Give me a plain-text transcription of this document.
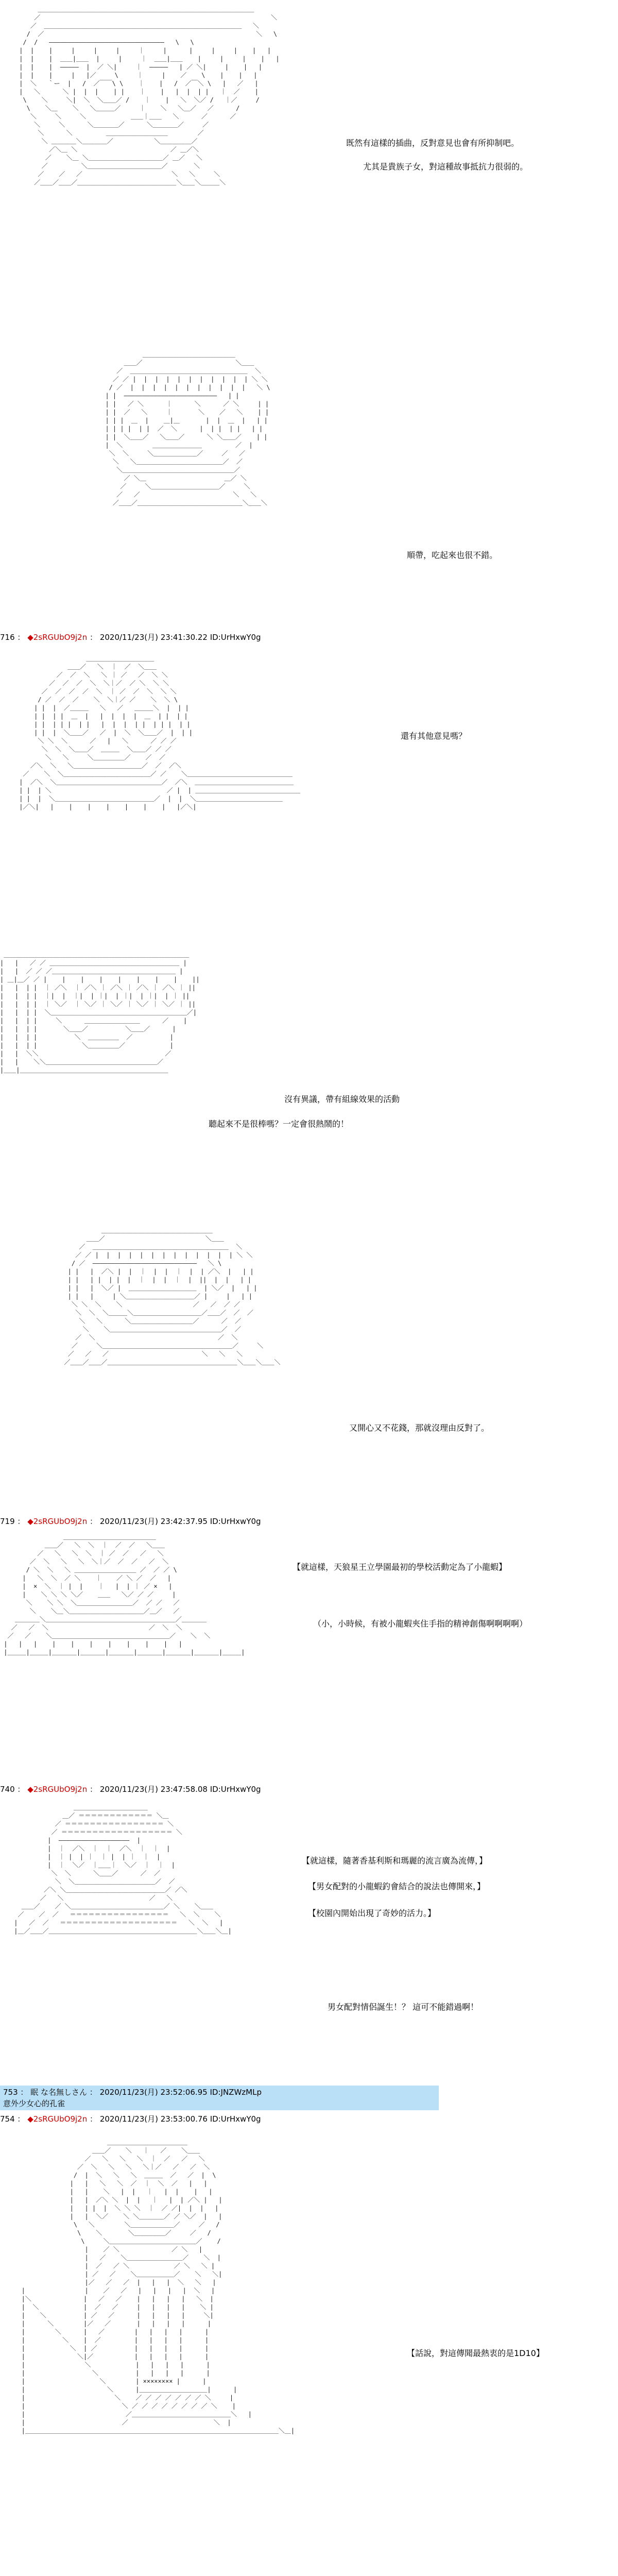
＿＿＿＿＿＿＿＿＿＿＿＿＿＿＿＿＿＿＿＿＿＿＿＿＿＿＿＿＿＿＿＿＿＿＿
／                                                              ＼
／  ＿＿＿＿＿＿＿＿＿＿＿＿＿＿＿＿＿＿＿＿＿＿＿＿＿＿＿＿＿＿＿＿   ＼
/  ／                                                         ＼   \
/  /   ―――――――――――――――――――――――――――――――   \   \
|  |    |     |     |     |     ｜     |      |     |     |    |   |
|  |    |  ＿＿|＿＿  |     |     ｜  ＿＿|＿＿    |     |     |    |   |
|  |    |  ―――――  |  ／ ＼|     ｜  ―――――   | ／ ＼|     |    |   |
|  |    |     |   |／     \     ｜     |    ／    \    |    |   |
|  ＼   ｀ー  |   /  ／￣￣\ \    ｜    |   /  ／￣＼ \   |   ／   |
|   ＼      ＼ |  |  |    | |    ｜    |   |  |  | |   ｜  ／    |
\    ＼     ＼|  ＼  ＼＿＿／ /    ｜    |   ＼  ＼／ /   ｜／     /
\    ＼＿    ＼   ＼＿＿＿／     ｜    ＼   ＼＿／   ／      /
＼     ＼     ＼            ＿＿｜＿＿   ＼      ／      ／
＼     ＼      ＼＿＿＿＿／      ＼＿＿＿＿／     ／
＼      ＼         ＿＿＿＿＿＿＿＿＿＿        ／
＼ ＿＿＿＿＼＿＿＿＿／           ＼＿＿＿＿＿／
／＼＿ ＼                         ／ ＿／＼
／    ＼＿ ＼＿＿＿＿＿＿＿＿＿＿＿＿／ ＿／   ＼
／         ＼＿＿＿＿＿＿＿＿＿＿＿＿／       ＼
／    ／   ／                        ＼   ＼     ＼
／＿＿／＿＿／＿＿＿＿＿＿＿＿＿＿＿＿＿＿＿＿＼＿＿＼＿＿＿＼

既然有這樣的插曲，反對意見也會有所抑制吧。
尤其是貴族子女，對這種故事抵抗力很弱的。
＿＿＿＿＿＿＿＿＿＿＿＿＿＿＿
＿＿／                         ＼＿＿
／  ＿＿＿＿＿＿＿＿＿＿＿＿＿＿＿＿＿＿＿  ＼
／ ／ |  |  |  |  |  |  |  |  |  |  | ＼ ＼
/ ／  |  |  |  |  |  |  |  |  |  |  |   ＼ \
| |  ―――――――――――――――――――――――――   | |
| |   ／ ＼      ｜      ＼      ／ ＼     | |
| |  ／   ＼     ｜       ＼    ／   ＼    | |
| | |  ＿  |    ＿|＿       |  |  ＿  |   | |
| | | |  | |  ／  ＼      |  | |  | |   | |
| |  ＼＿＿／   ＼＿＿／      ＼ ＼＿＿／    | |
|  ＼        ＿＿＿＿＿＿＿＿         ／  |
＼  ＼     ＼＿＿＿＿＿＿＿／     ／   ／
＼   ＼＿＿＿＿＿＿＿＿＿＿＿＿＿＿／  ／
＼＿＿＿＿＿＿＿＿＿＿＿＿＿＿＿＿＿＿／
／ ＼＿                     ＿／ ＼
／     ＼＿＿＿＿＿＿＿＿＿＿＿／     ＼
／   ／                         ＼   ＼
／＿＿／＿＿＿＿＿＿＿＿＿＿＿＿＿＿＿＿＿＼＿＿＼

順帶，吃起來也很不錯。
716 ： ◆2sRGUbO9j2n ： 2020/11/23(月) 23:41:30.22 ID:UrHxwY0g
＿＿＿＿＿＿＿＿＿＿＿
＿＿／   ＼  ｜  ／  ＼＿＿
／  ／  ＼   ＼ ｜ ／   ／  ＼ ＼
／  ／  ／  ＼  ＼｜／  ／ ＼  ＼ ＼
／  ／  ／  ／  ＼  ｜ ／  ／  ＼  ＼ ＼
/ ／  ／  ／    ＼  ＼｜／ ／    ＼  ＼ \
| |  |  ／＿＿＿   ＼   ／   ＿＿＿＼  |  | |
| |  | |  ＿  |   |  |  |  |  ＿  | |  | |
| |  | | |  | |   |  |  |  | |  | | |  | |
| |  |  ＼＿＿／   ／  |  ＼  ＼＿＿／  |  | |
＼ ＼  ＼      ／   |   ＼      ／ ／ ／
＼  ＼  ＼＿＿／  ＿＿＿  ＼＿＿／ ／ ／
＼   ＼     ＼＿＿＿＿＿／    ／  ／
／＼  ＼   ＼＿＿＿＿＿＿＿＿＿＿＿／  ／  ／＼
／    ＼  ＼＿＿＿＿＿＿＿＿＿＿＿＿＿＿／ ／    ＼＿＿＿＿＿＿＿＿＿＿＿＿＿＿＿＿＿
|  ／＼  ＼＿＿＿＿＿＿＿＿＿＿＿＿＿＿＿＿＿／  ／＼  ＿＿＿＿＿＿＿＿＿＿＿＿＿＿＿＿
| |  | ＼                               ／ |  | ＿＿＿＿＿＿＿＿＿＿＿＿＿＿＿＿＿
| |  |  ＼＿＿＿＿＿＿＿＿＿＿＿＿＿＿＿＿／  |  |  ＼＿＿＿＿＿＿＿＿＿＿＿＿＿＿
|／＼|   |    |    |    |    |    |    |   |／＼|

還有其他意見嗎？
＿＿＿＿＿＿＿＿＿＿＿＿＿＿＿＿＿＿＿＿＿＿＿＿＿＿＿＿＿＿
|   |   ／ ／ ＿＿＿＿＿＿＿＿＿＿＿＿＿＿＿＿＿＿＿＿＿ |
|   |  ／ ／ ／＿＿＿＿＿＿＿＿＿＿＿＿＿＿＿＿＿＿＿＿ |
| ＿|＿／ ／ |    |    |    |    |    |    |    |    ||
|   |  | |  ｜ ／＼  ｜ ／＼ ｜ ／＼ ｜ ／＼ ｜ ／＼ ｜ ||
|   |  | |  ｜|  |  ｜|  | ｜|  | ｜|  | ｜|  | ｜ ||
|   |  | |  ｜ ＼／  ｜ ＼／ ｜ ＼／ ｜ ＼／ ｜ ＼／ ｜ ||
|   |  | |  ＼＿＿＿＿＿＿＿＿＿＿＿＿＿＿＿＿＿＿＿＿＿＿／|
|   |  | |     ＼      ＿＿＿＿＿＿＿＿＿      ／    |
|   |  | |       ＼＿＿／          ＼＿＿／      |
|   |  | |          ＼  ＿＿＿＿＿  ／          |
|   |  | |            ＼＿＿＿＿＿／            |
|   |  ＼＼                                  ／
|   |    ＼＼＿＿＿＿＿＿＿＿＿＿＿＿＿＿＿＿＿＿／
|＿＿|＿＿＿＿＿＿＿＿＿＿＿＿＿＿＿＿＿＿＿＿＿＿＿＿

沒有異議，帶有組線效果的活動
聽起來不是很棒嗎？一定會很熱鬧的！
＿＿＿＿＿＿＿＿＿＿＿＿＿＿＿＿＿＿
＿＿／                           ＼＿＿
／  ＿＿＿＿＿＿＿＿＿＿＿＿＿＿＿＿＿＿＿＿＿＿  ＼
／ ／ |  |  |  |  |  |  |  |  |  |  |  |  | ＼ ＼
/ ／  ――――――――――――――――――――――――――――   ＼ \
| |   |  ／＼ |  |  ｜  |  |  ｜  |  | ／＼  |   | |
| |   | |  | |  |  ｜  |  |  ｜  |  ||  |  |   | |
| |   |  ＼／ |  ＿＿＿＿＿＿＿＿＿＿＿  | ＼／  |   | |
| |   |     | ＼＿＿＿＿＿＿＿＿＿＿＿／ |     |   | |
＼ ＼  ＼    ＼                   ／   ／  ／ ／
＼  ＼  ＼＿＿＿＼＿＿＿＿＿＿＿＿＿＿＿／＿＿／  ／  ／
＼   ＼      ＼＿＿＿＿＿＿＿＿＿＿／      ／  ／
＼    ＼＿＿＿＿＿＿＿＿＿＿＿＿＿＿＿＿＿＿／  ／
／  ＼                                 ／  ＼
／     ＼＿＿＿＿＿＿＿＿＿＿＿＿＿＿＿＿＿＿＿＿＿／     ＼
／   ／   ／                         ＼   ＼   ＼
／＿＿／＿＿／＿＿＿＿＿＿＿＿＿＿＿＿＿＿＿＿＿＿＿＿＿＼＿＿＼＿＿＼

又開心又不花錢，那就沒理由反對了。
719 ： ◆2sRGUbO9j2n ： 2020/11/23(月) 23:42:37.95 ID:UrHxwY0g
＿＿＿＿＿＿＿＿＿＿＿＿＿＿＿
＿＿／   ＼  ＼  ｜  ／  ／   ＼＿＿
／   ＼   ＼  ＼  ｜ ／  ／   ／   ＼
／  ＼   ＼   ＼  ＼｜／  ／  ／   ／  ＼
/ ＼  ＼   ＼ ＿＿＿＿＿＿＿＿＿＿ ／  ／ ／ \
|   ＼  ＼  ／ ＼    ｜    ／ ＼ ／  ／   |
|  ×  ＼  ｜ |  |    ｜   |  | ｜ ／ ×   |
|    ＼ ＼ ＼ ＼／    ＿＿   ＼／ ／ ／     |
＼    ＼ ＼  ＼＿＿＿＿＿＿＿＿＿／  ／ ／   ／
＼    ＼＿＼＿＿＿＿＿＿＿＿＿＿＿＿／＿／   ／
＿＿＿＿＼＿＿＿＿＿＿＿＿＿＿＿＿＿＿＿＿＿＿＿＿＿／＿＿＿＿
／   ／  ＼                           ／  ＼  ＼
／   ／    ＼＿＿＿＿＿＿＿＿＿＿＿＿＿＿＿＿＿＿＿／    ＼  ＼
|   |   |    |    |    |    |    |    |    |   |
|＿＿＿|＿＿＿|＿＿＿＿|＿＿＿＿|＿＿＿＿|＿＿＿＿|＿＿＿＿|＿＿＿＿|＿＿＿|

【就這樣，天狼星王立學園最初的學校活動定為了小龍蝦】
（小，小時候，有被小龍蝦夾住手指的精神創傷啊啊啊啊）
740 ： ◆2sRGUbO9j2n ： 2020/11/23(月) 23:47:58.08 ID:UrHxwY0g
＿＿＿＿＿＿＿＿＿＿＿＿
＿／ ＝＝＝＝＝＝＝＝＝＝＝＝ ＼＿
／ ＝＝＝＝＝＝＝＝＝＝＝＝＝＝＝＝ ＼
／ ＝＝＝＝＝＝＝＝＝＝＝＝＝＝＝＝＝＝ ＼
|  ―――――――――――――――――――  |
|  ｜  ／＼  ｜  ｜  ／＼  ｜  ｜  |
|  ｜ |  | ｜  ｜ |  | ｜  ｜  |
|  ｜  ＼／  ｜＿＿｜  ＼／  ｜  ｜  |
＼  ＼      ＼＿＿／      ／  ／
＼  ＼＿＿＿＿＿＿＿＿＿＿＿＿＿／  ／
／＼ ＼＿＿＿＿＿＿＿＿＿＿＿＿＿＿＿＿／ ／＼
／   ＼                       ／   ＼
＿＿／    ／ ＼＿＿＿＿＿＿＿＿＿＿＿＿＿＿＿／ ＼    ＼＿＿
／    ／  ／   ＝＝＝＝＝＝＝＝＝＝＝＝＝＝＝＝   ＼  ＼    ＼
|   ／  ／   ＝＝＝＝＝＝＝＝＝＝＝＝＝＝＝＝＝＝＝   ＼  ＼   |
|＿／＿＿／＿＿＿＿＿＿＿＿＿＿＿＿＿＿＿＿＿＿＿＿＿＿＿＿＼＿＿＼＿|

【就這樣，隨著香基利斯和瑪麗的流言廣為流傳，】
【男女配對的小龍蝦釣會結合的說法也傳開來，】
【校園內開始出現了奇妙的活力。】
男女配對情侶誕生！？ 這可不能錯過啊！
753 ： 眠 な名無しさん ： 2020/11/23(月) 23:52:06.95 ID:JNZWzMLp
意外少女心的孔雀
754 ： ◆2sRGUbO9j2n ： 2020/11/23(月) 23:53:00.76 ID:UrHxwY0g
＿＿＿＿＿＿＿＿＿＿＿＿＿
＿＿／    ＼   ｜   ／    ＼＿＿
／   ＼   ＼   ＼  ｜  ／   ／   ＼
／  ＼   ＼   ＼   ＼｜／   ／   ／  ＼
/  |  ＼   ＼   ＼  ＿＿＿  ／   ／  |  \
|   |   ＼   ＼  ／  ｜  ＼  ／   |   |
|   |    ＼   |  |   ｜   |  |    |   |
|   |  ／＼ ＼  |  |   ｜   |  | ／＼ |   |
|   | |  |  ＼ ＼ ＼  ｜  ／ ／|  |  |   |
|   |  ＼／    ＼ ＼＿＿＿＿／ ／ ＼／  |   |
\   ＼        ＼＿＿＿＿＿＿＿／     ／   /
\    ＼       ＼＿＿＿＿＿／     ／   /
\     ＼＿＿＿＿＿＿＿＿＿＿＿＿＿＿／    /
|    ／ ＼              ／ ＼   |
|   ／    ＼＿＿＿＿＿＿＿＿＿／    ＼  |
|  ／   ／ ＼            ／ ＼   ＼ |
| ／   ／    ＼＿＿＿＿＿＿／    ＼   ＼|
|／   ／   ／  |   |   |  ＼   ＼   |
|                |    ／   ／   |   |   |   |  ＼   |
|＼              |   ／   ／    |   |   |   |   ＼  |
|  ＼            |  ／   ／     |   |   |   |    ＼ |
|    ＼          | ／   ／      |   |   |   |     ＼|
|      ＼        |／   ／       |   |   |   |      |
|        ＼      |   ／        |   |   |   |      |
|          ＼    |  ／         |   |   |   |      |
|            ＼  | ／          |   |   |   |      |
|              ＼|／           |   |   |   |      |
|                ＼            |   |   |   |      |
|                  ＼          |   |   |   |      |
|                    ＼        | ×××××××× |      |
|                      ＼      |＿＿＿＿＿＿＿＿＿＿＿|      |
|                        ＼    ／ ／ ／ ／ ／ ／ ／ ＼     |
|                          ＼ ／ ／ ／ ／ ／ ／ ／ ／ ＼    |
|                           ／＿＿＿＿＿＿＿＿＿＿＿＿＿＿＿＿＼   |
|                          ／                       ＼  |
|＿＿＿＿＿＿＿＿＿＿＿＿＿＿＿＿＿＿＿＿＿＿＿＿＿＿＿＿＿＿＿＿＿＿＿＿＿＿＿＿＿＼＿|

【話說，對這傳聞最熱衷的是1D10】
